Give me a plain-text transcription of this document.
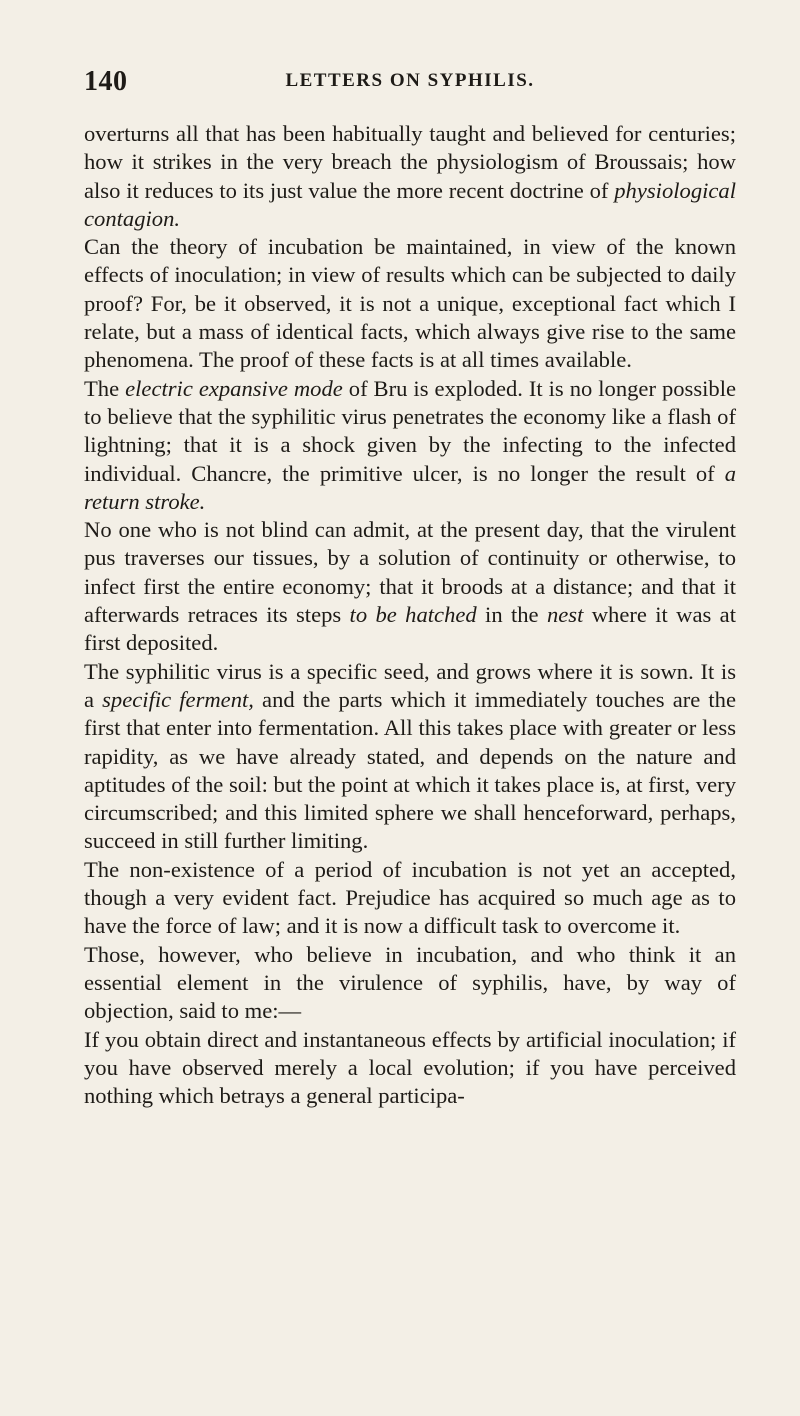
140	LETTERS ON SYPHILIS.

overturns all that has been habitually taught and believed for centuries; how it strikes in the very breach the physiologism of Broussais; how also it reduces to its just value the more recent doctrine of physiological contagion.

Can the theory of incubation be maintained, in view of the known effects of inoculation; in view of results which can be subjected to daily proof? For, be it observed, it is not a unique, exceptional fact which I relate, but a mass of identical facts, which always give rise to the same phenomena. The proof of these facts is at all times available.

The electric expansive mode of Bru is exploded. It is no longer possible to believe that the syphilitic virus penetrates the economy like a flash of lightning; that it is a shock given by the infecting to the infected individual. Chancre, the primitive ulcer, is no longer the result of a return stroke.

No one who is not blind can admit, at the present day, that the virulent pus traverses our tissues, by a solution of continuity or otherwise, to infect first the entire economy; that it broods at a distance; and that it afterwards retraces its steps to be hatched in the nest where it was at first deposited.

The syphilitic virus is a specific seed, and grows where it is sown. It is a specific ferment, and the parts which it immediately touches are the first that enter into fermentation. All this takes place with greater or less rapidity, as we have already stated, and depends on the nature and aptitudes of the soil: but the point at which it takes place is, at first, very circumscribed; and this limited sphere we shall henceforward, perhaps, succeed in still further limiting.

The non-existence of a period of incubation is not yet an accepted, though a very evident fact. Prejudice has acquired so much age as to have the force of law; and it is now a difficult task to overcome it.

Those, however, who believe in incubation, and who think it an essential element in the virulence of syphilis, have, by way of objection, said to me:—

If you obtain direct and instantaneous effects by artificial inoculation; if you have observed merely a local evolution; if you have perceived nothing which betrays a general participa-
